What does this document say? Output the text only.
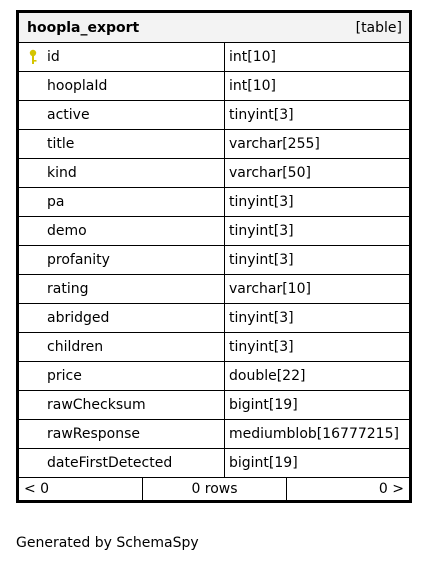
hoopla_export	[table]
id	int[10]
hooplaId	int[10]
active	tinyint[3]
title	varchar[255]
kind	varchar[50]
pa	tinyint[3]
demo	tinyint[3]
profanity	tinyint[3]
rating	varchar[10]
abridged	tinyint[3]
children	tinyint[3]
price	double[22]
rawChecksum	bigint[19]
rawResponse	mediumblob[16777215]
dateFirstDetected	bigint[19]
< 0	0 rows	0 >
Generated by SchemaSpy
